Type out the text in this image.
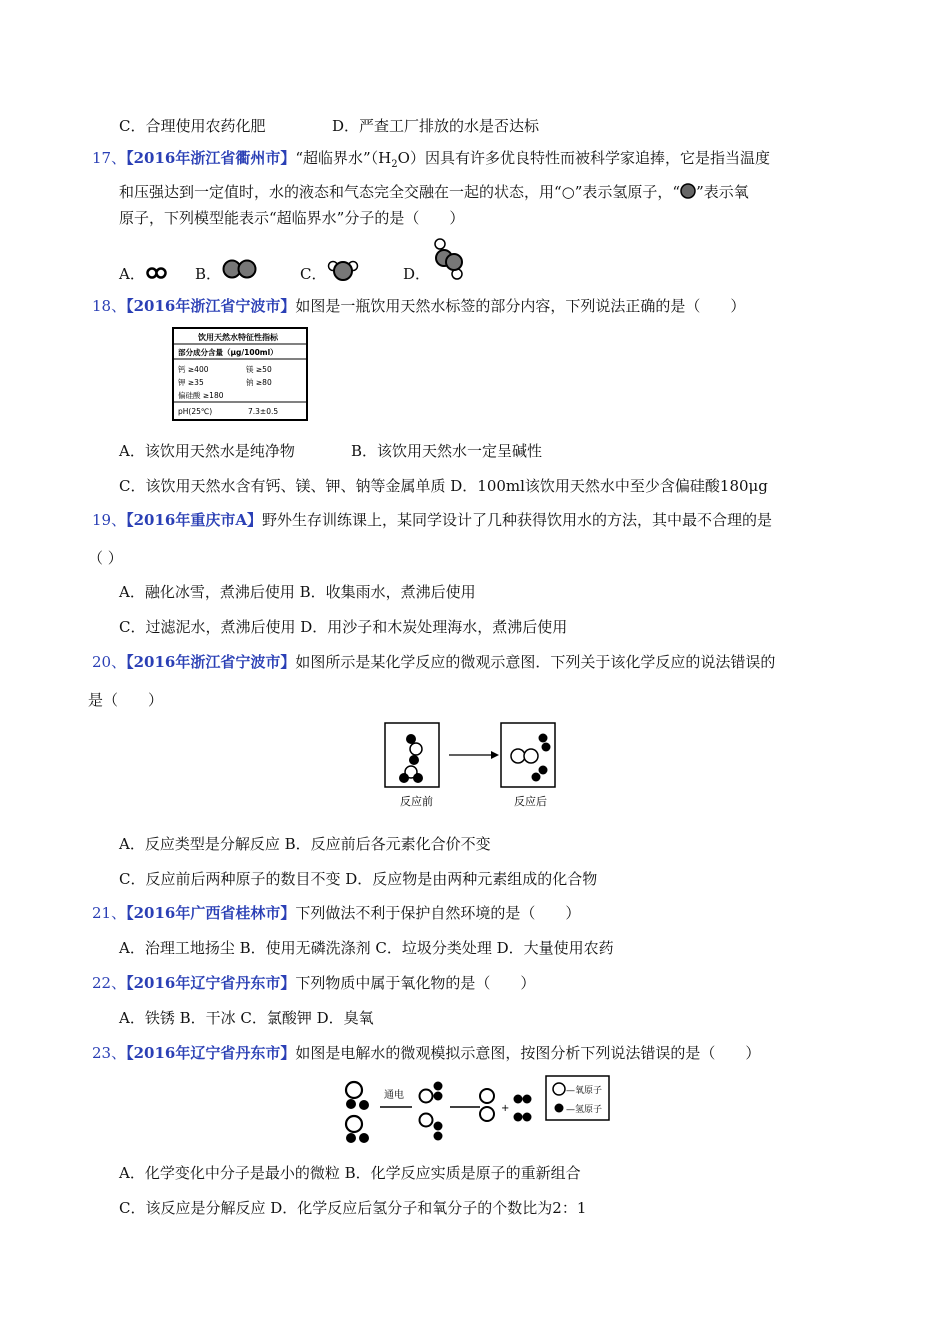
C．合理使用农药化肥	D．严查工厂排放的水是否达标
17、【2016年浙江省衢州市】“超临界水$”(H_2O)$因具有许多优良特性而被科学家追捧，它是指当温度
和压强达到一定值时，水的液态和气态完全交融在一起的状态，用“○”表示氢原子，“ ”表示氧
原子，下列模型能表示“超临界水”分子的是（　　）
A．	B．	C．	D．
18、【2016年浙江省宁波市】如图是一瓶饮用天然水标签的部分内容，下列说法正确的是（　　）
饮用天然水特征性指标
部分成分含量（μg/100ml）
钙 ≥400	镁 ≥50
钾 ≥35	钠 ≥80
偏硅酸 ≥180
pH(25℃)	7.3±0.5
A．该饮用天然水是纯净物	B．该饮用天然水一定呈碱性
C．该饮用天然水含有钙、镁、钾、钠等金属单质 D．100ml该饮用天然水中至少含偏硅酸180μg
19、【2016年重庆市A】野外生存训练课上，某同学设计了几种获得饮用水的方法，其中最不合理的是
（ ）
A．融化冰雪，煮沸后使用 B．收集雨水，煮沸后使用
C．过滤泥水，煮沸后使用 D．用沙子和木炭处理海水，煮沸后使用
20、【2016年浙江省宁波市】如图所示是某化学反应的微观示意图．下列关于该化学反应的说法错误的
是（　　）
反应前	反应后
A．反应类型是分解反应 B．反应前后各元素化合价不变
C．反应前后两种原子的数目不变 D．反应物是由两种元素组成的化合物
21、【2016年广西省桂林市】下列做法不利于保护自然环境的是（　　）
A．治理工地扬尘 B．使用无磷洗涤剂 C．垃圾分类处理 D．大量使用农药
22、【2016年辽宁省丹东市】下列物质中属于氧化物的是（　　）
A．铁锈 B．干冰 C．氯酸钾 D．臭氧
23、【2016年辽宁省丹东市】如图是电解水的微观模拟示意图，按图分析下列说法错误的是（　　）
通电
+
—氧原子
—氢原子
A．化学变化中分子是最小的微粒 B．化学反应实质是原子的重新组合
C．该反应是分解反应 D．化学反应后氢分子和氧分子的个数比为2：1
